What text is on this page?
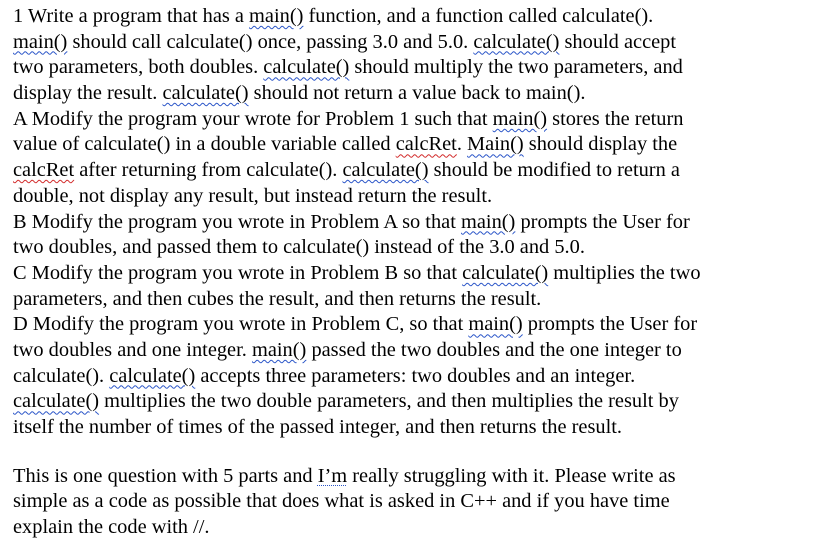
1 Write a program that has a main() function, and a function called calculate().
main() should call calculate() once, passing 3.0 and 5.0. calculate() should accept
two parameters, both doubles. calculate() should multiply the two parameters, and
display the result. calculate() should not return a value back to main().
A Modify the program your wrote for Problem 1 such that main() stores the return
value of calculate() in a double variable called calcRet. Main() should display the
calcRet after returning from calculate(). calculate() should be modified to return a
double, not display any result, but instead return the result.
B Modify the program you wrote in Problem A so that main() prompts the User for
two doubles, and passed them to calculate() instead of the 3.0 and 5.0.
C Modify the program you wrote in Problem B so that calculate() multiplies the two
parameters, and then cubes the result, and then returns the result.
D Modify the program you wrote in Problem C, so that main() prompts the User for
two doubles and one integer. main() passed the two doubles and the one integer to
calculate(). calculate() accepts three parameters: two doubles and an integer.
calculate() multiplies the two double parameters, and then multiplies the result by
itself the number of times of the passed integer, and then returns the result.
This is one question with 5 parts and I’m really struggling with it. Please write as
simple as a code as possible that does what is asked in C++ and if you have time
explain the code with //.
